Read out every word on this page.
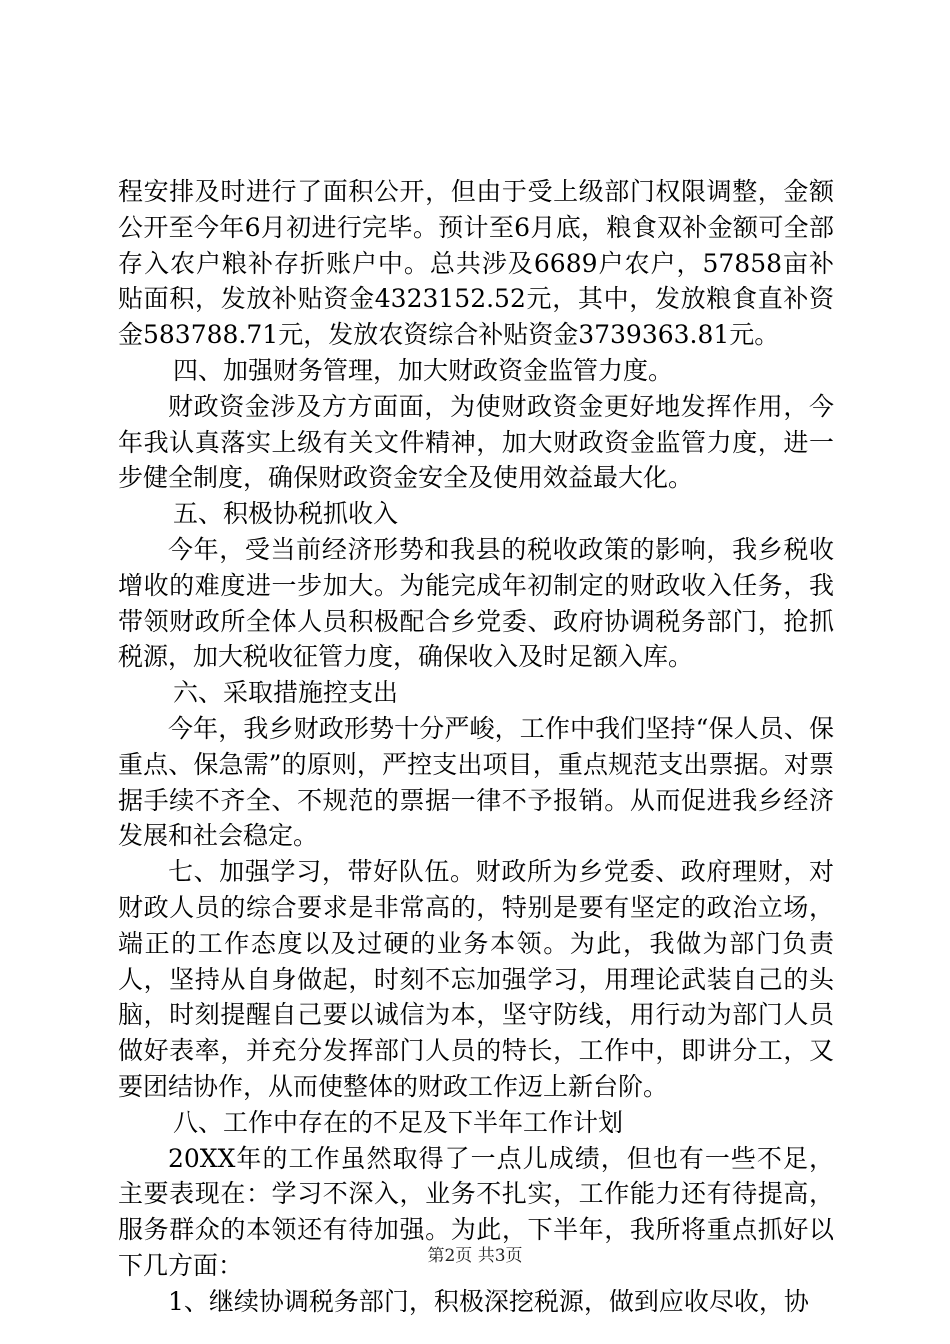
程安排及时进行了面积公开，但由于受上级部门权限调整，金额公开至今年6月初进行完毕。预计至6月底，粮食双补金额可全部存入农户粮补存折账户中。总共涉及6689户农户，57858亩补贴面积，发放补贴资金4323152.52元，其中，发放粮食直补资金583788.71元，发放农资综合补贴资金3739363.81元。

四、加强财务管理，加大财政资金监管力度。

财政资金涉及方方面面，为使财政资金更好地发挥作用，今年我认真落实上级有关文件精神，加大财政资金监管力度，进一步健全制度，确保财政资金安全及使用效益最大化。

五、积极协税抓收入

今年，受当前经济形势和我县的税收政策的影响，我乡税收增收的难度进一步加大。为能完成年初制定的财政收入任务，我带领财政所全体人员积极配合乡党委、政府协调税务部门，抢抓税源，加大税收征管力度，确保收入及时足额入库。

六、采取措施控支出

今年，我乡财政形势十分严峻，工作中我们坚持“保人员、保重点、保急需”的原则，严控支出项目，重点规范支出票据。对票据手续不齐全、不规范的票据一律不予报销。从而促进我乡经济发展和社会稳定。

七、加强学习，带好队伍。财政所为乡党委、政府理财，对财政人员的综合要求是非常高的，特别是要有坚定的政治立场，端正的工作态度以及过硬的业务本领。为此，我做为部门负责人，坚持从自身做起，时刻不忘加强学习，用理论武装自己的头脑，时刻提醒自己要以诚信为本，坚守防线，用行动为部门人员做好表率，并充分发挥部门人员的特长，工作中，即讲分工，又要团结协作，从而使整体的财政工作迈上新台阶。

八、工作中存在的不足及下半年工作计划

20XX年的工作虽然取得了一点儿成绩，但也有一些不足，主要表现在：学习不深入，业务不扎实，工作能力还有待提高，服务群众的本领还有待加强。为此，下半年，我所将重点抓好以下几方面：

1、继续协调税务部门，积极深挖税源，做到应收尽收，协

第2页 共3页
